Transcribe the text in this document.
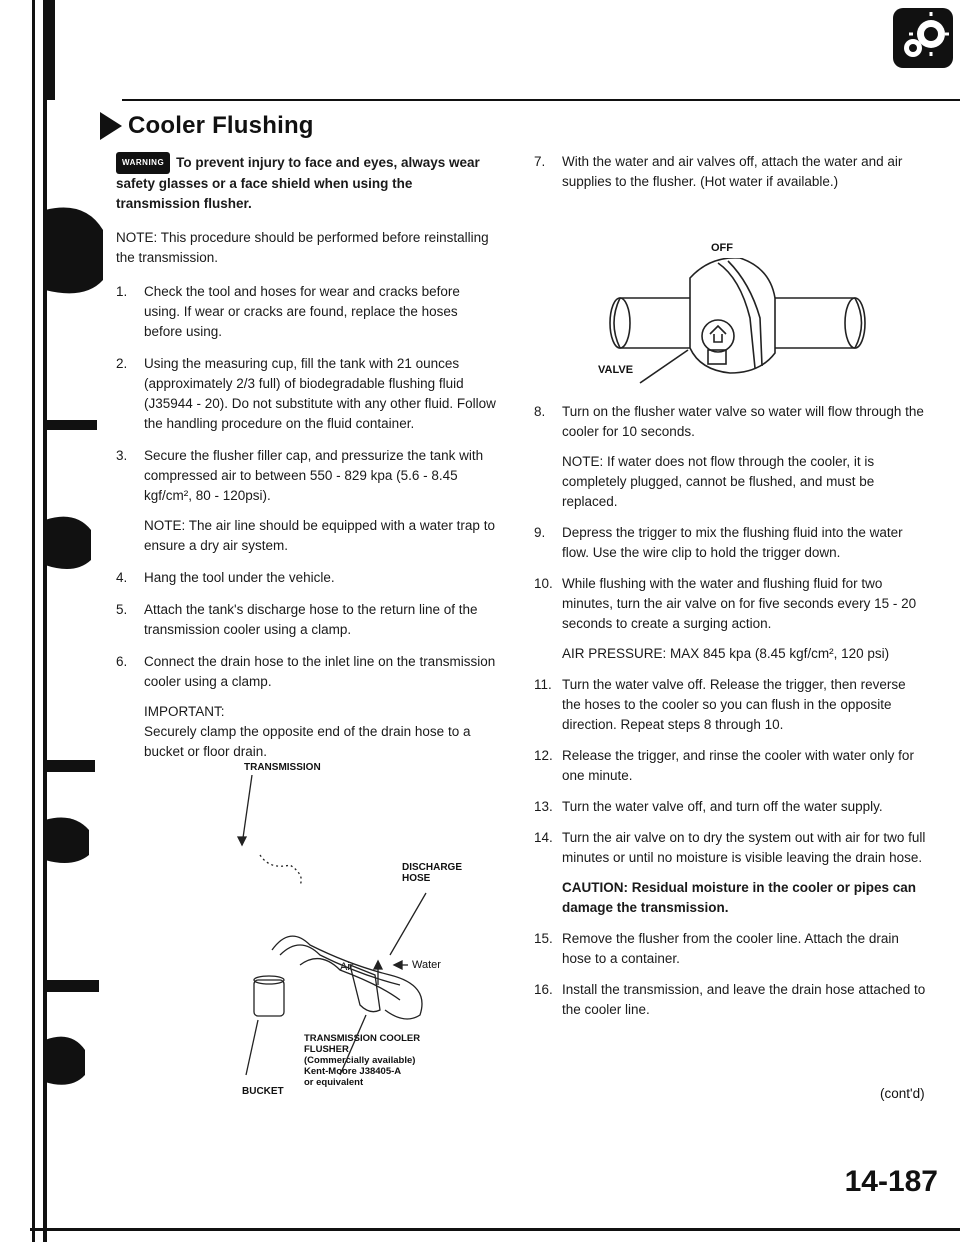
Cooler Flushing

WARNING To prevent injury to face and eyes, always wear safety glasses or a face shield when using the transmission flusher.

NOTE: This procedure should be performed before reinstalling the transmission.

1. Check the tool and hoses for wear and cracks before using. If wear or cracks are found, replace the hoses before using.

2. Using the measuring cup, fill the tank with 21 ounces (approximately 2/3 full) of biodegradable flushing fluid (J35944 - 20). Do not substitute with any other fluid. Follow the handling procedure on the fluid container.

3. Secure the flusher filler cap, and pressurize the tank with compressed air to between 550 - 829 kpa (5.6 - 8.45 kgf/cm², 80 - 120psi).

NOTE: The air line should be equipped with a water trap to ensure a dry air system.

4. Hang the tool under the vehicle.

5. Attach the tank's discharge hose to the return line of the transmission cooler using a clamp.

6. Connect the drain hose to the inlet line on the transmission cooler using a clamp.

IMPORTANT:
Securely clamp the opposite end of the drain hose to a bucket or floor drain.

TRANSMISSION
DISCHARGE
HOSE
Air	Water
TRANSMISSION COOLER
FLUSHER
(Commercially available)
Kent-Moore J38405-A
or equivalent
BUCKET
7. With the water and air valves off, attach the water and air supplies to the flusher. (Hot water if available.)

OFF
VALVE
8. Turn on the flusher water valve so water will flow through the cooler for 10 seconds.

NOTE: If water does not flow through the cooler, it is completely plugged, cannot be flushed, and must be replaced.

9. Depress the trigger to mix the flushing fluid into the water flow. Use the wire clip to hold the trigger down.

10. While flushing with the water and flushing fluid for two minutes, turn the air valve on for five seconds every 15 - 20 seconds to create a surging action.

AIR PRESSURE: MAX 845 kpa (8.45 kgf/cm², 120 psi)

11. Turn the water valve off. Release the trigger, then reverse the hoses to the cooler so you can flush in the opposite direction. Repeat steps 8 through 10.

12. Release the trigger, and rinse the cooler with water only for one minute.

13. Turn the water valve off, and turn off the water supply.

14. Turn the air valve on to dry the system out with air for two full minutes or until no moisture is visible leaving the drain hose.

CAUTION: Residual moisture in the cooler or pipes can damage the transmission.

15. Remove the flusher from the cooler line. Attach the drain hose to a container.

16. Install the transmission, and leave the drain hose attached to the cooler line.

(cont'd)
14-187
